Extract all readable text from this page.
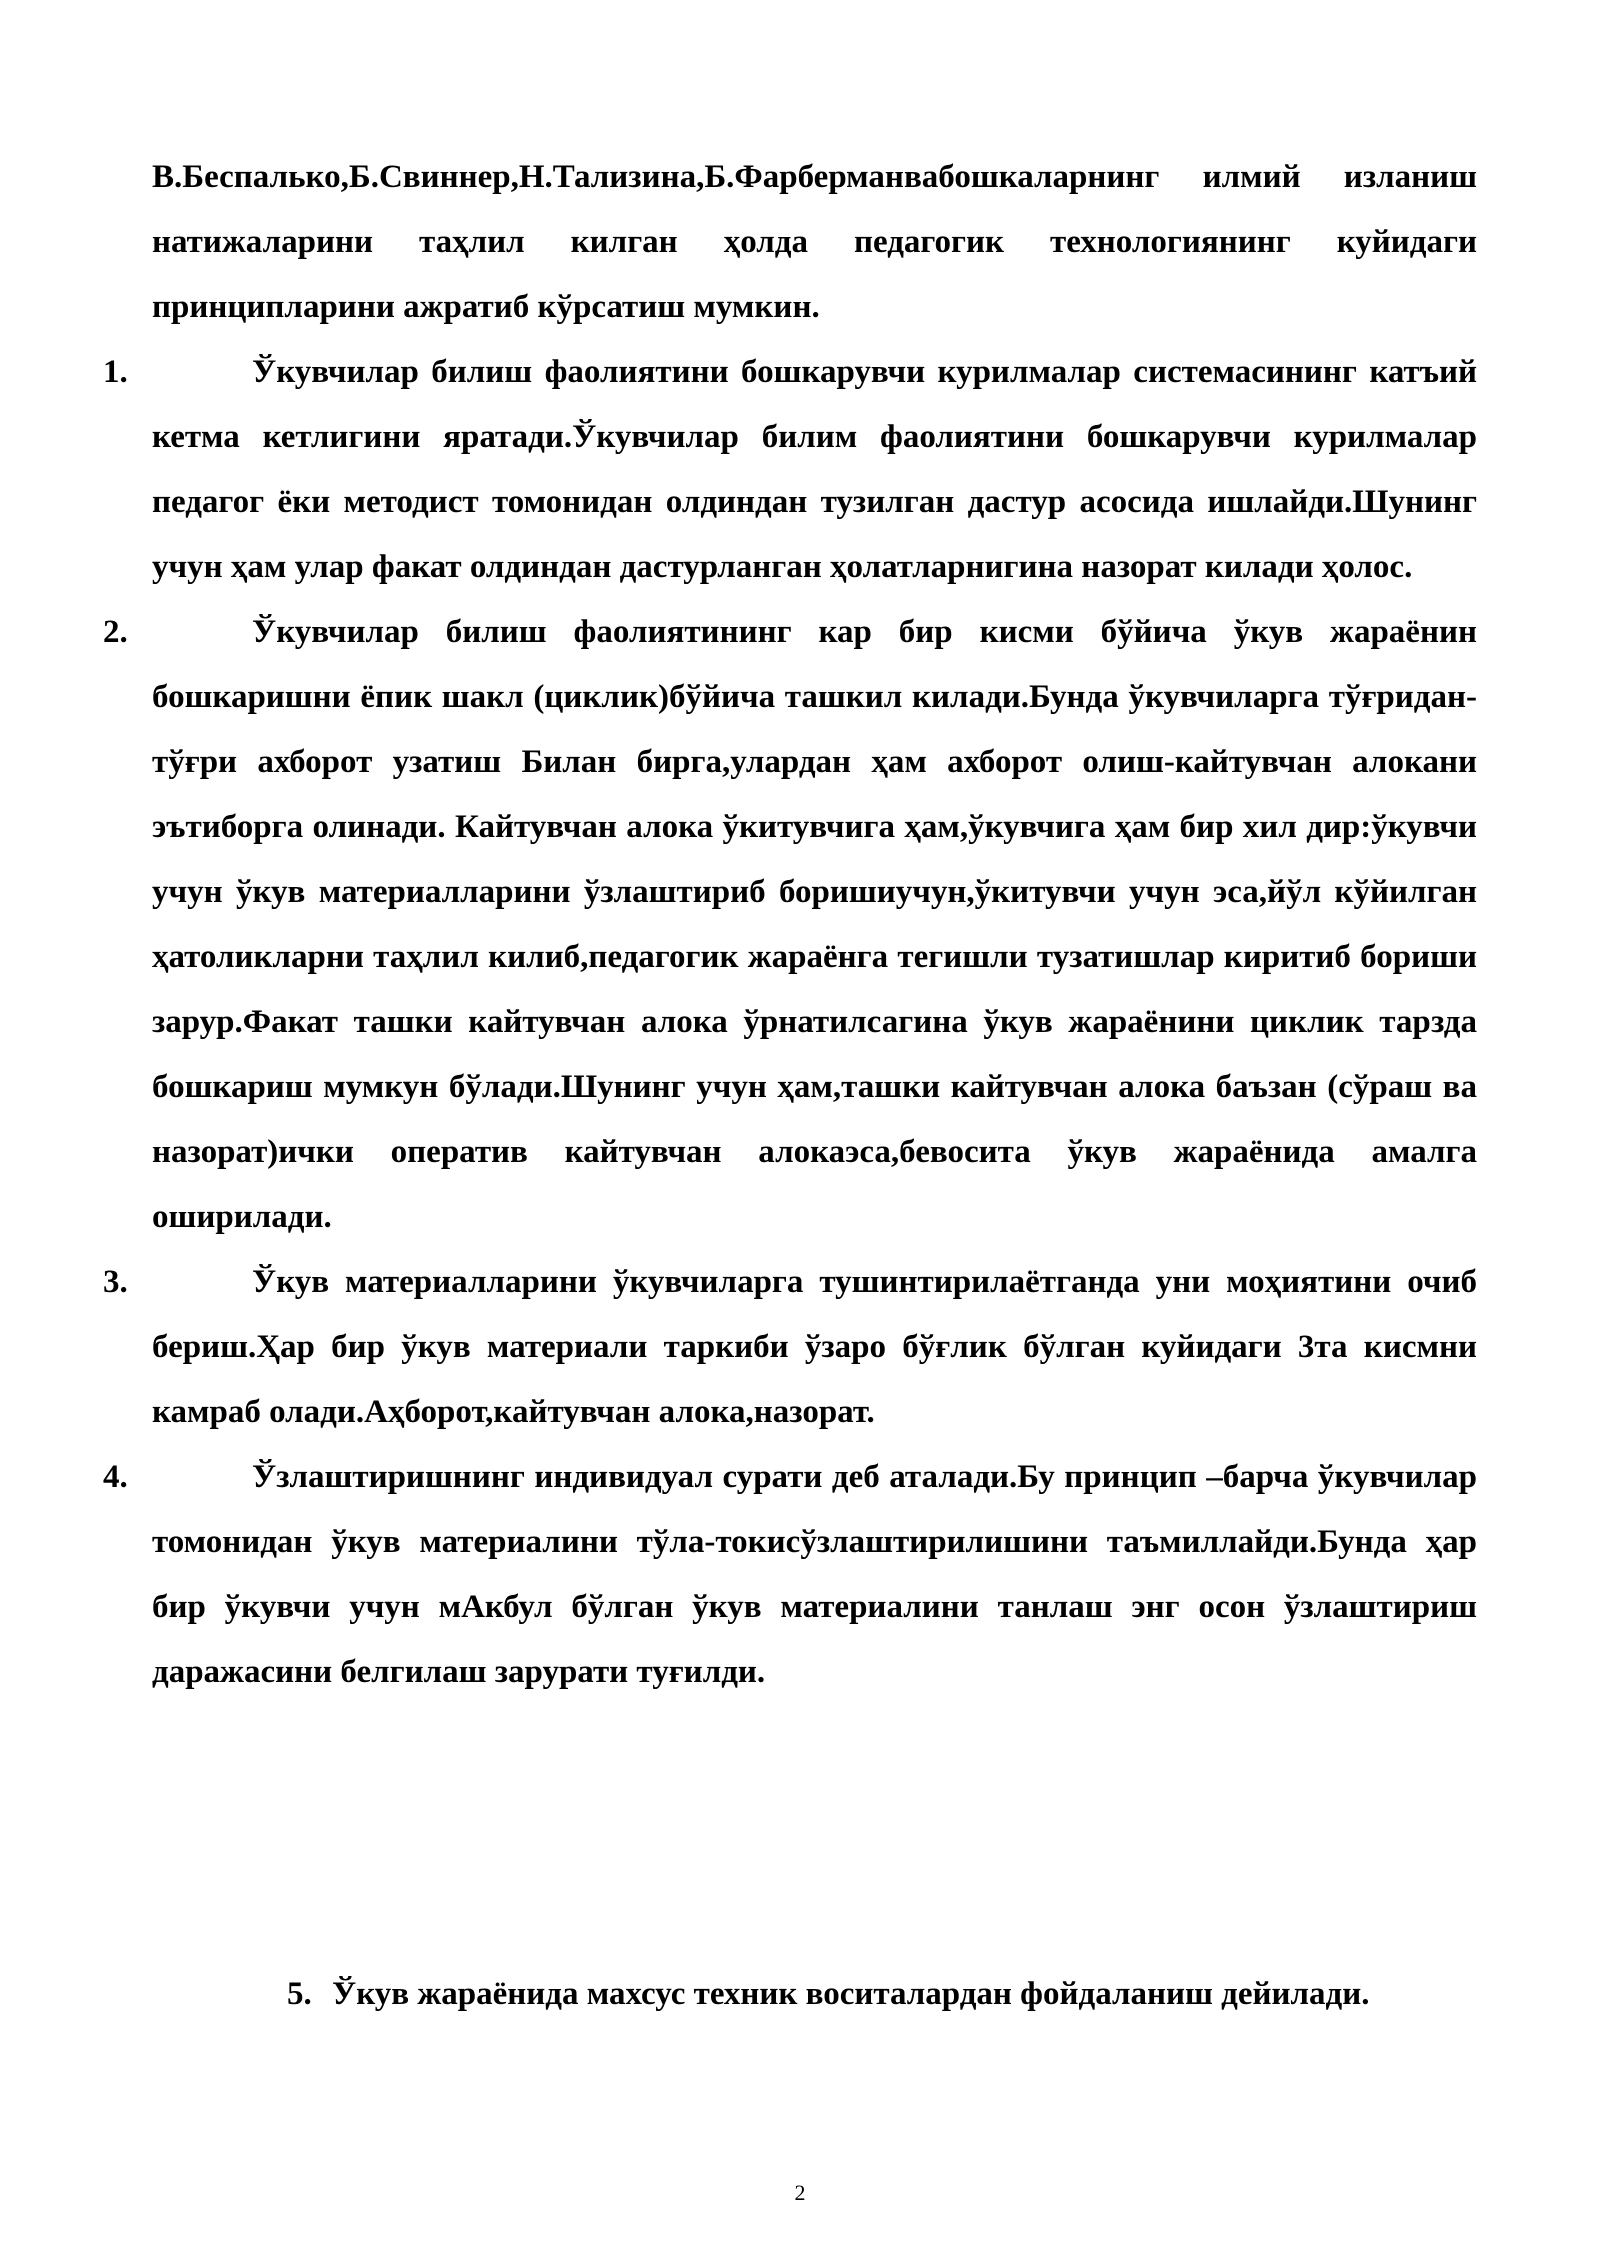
В.Беспалько,Б.Свиннер,Н.Тализина,Б.Фарберманвабошкаларнинг илмий изланиш натижаларини таҳлил килган ҳолда педагогик технологиянинг куйидаги принципларини ажратиб кўрсатиш мумкин.
1.	Ўкувчилар билиш фаолиятини бошкарувчи курилмалар системасининг катъий кетма кетлигини яратади.Ўкувчилар билим фаолиятини бошкарувчи курилмалар педагог ёки методист томонидан олдиндан тузилган дастур асосида ишлайди.Шунинг учун ҳам улар факат олдиндан дастурланган ҳолатларнигина назорат килади ҳолос.
2.	Ўкувчилар билиш фаолиятининг кар бир кисми бўйича ўкув жараёнин бошкаришни ёпик шакл (циклик)бўйича ташкил килади.Бунда ўкувчиларга тўғридан-тўғри ахборот узатиш Билан бирга,улардан ҳам ахборот олиш-кайтувчан алокани эътиборга олинади. Кайтувчан алока ўкитувчига ҳам,ўкувчига ҳам бир хил дир:ўкувчи учун ўкув материалларини ўзлаштириб боришиучун,ўкитувчи учун эса,йўл кўйилган ҳатоликларни таҳлил килиб,педагогик жараёнга тегишли тузатишлар киритиб бориши зарур.Факат ташки кайтувчан алока ўрнатилсагина ўкув жараёнини циклик тарзда бошкариш мумкун бўлади.Шунинг учун ҳам,ташки кайтувчан алока баъзан (сўраш ва назорат)ички оператив кайтувчан алокаэса,бевосита ўкув жараёнида амалга оширилади.
3.	Ўкув материалларини ўкувчиларга тушинтирилаётганда уни моҳиятини очиб бериш.Ҳар бир ўкув материали таркиби ўзаро бўғлик бўлган куйидаги 3та кисмни камраб олади.Аҳборот,кайтувчан алока,назорат.
4.	Ўзлаштиришнинг индивидуал сурати деб аталади.Бу принцип –барча ўкувчилар томонидан ўкув материалини тўла-токисўзлаштирилишини таъмиллайди.Бунда ҳар бир ўкувчи учун мАкбул бўлган ўкув материалини танлаш энг осон ўзлаштириш даражасини белгилаш зарурати туғилди.
5. Ўкув жараёнида махсус техник воситалардан фойдаланиш дейилади.
2
